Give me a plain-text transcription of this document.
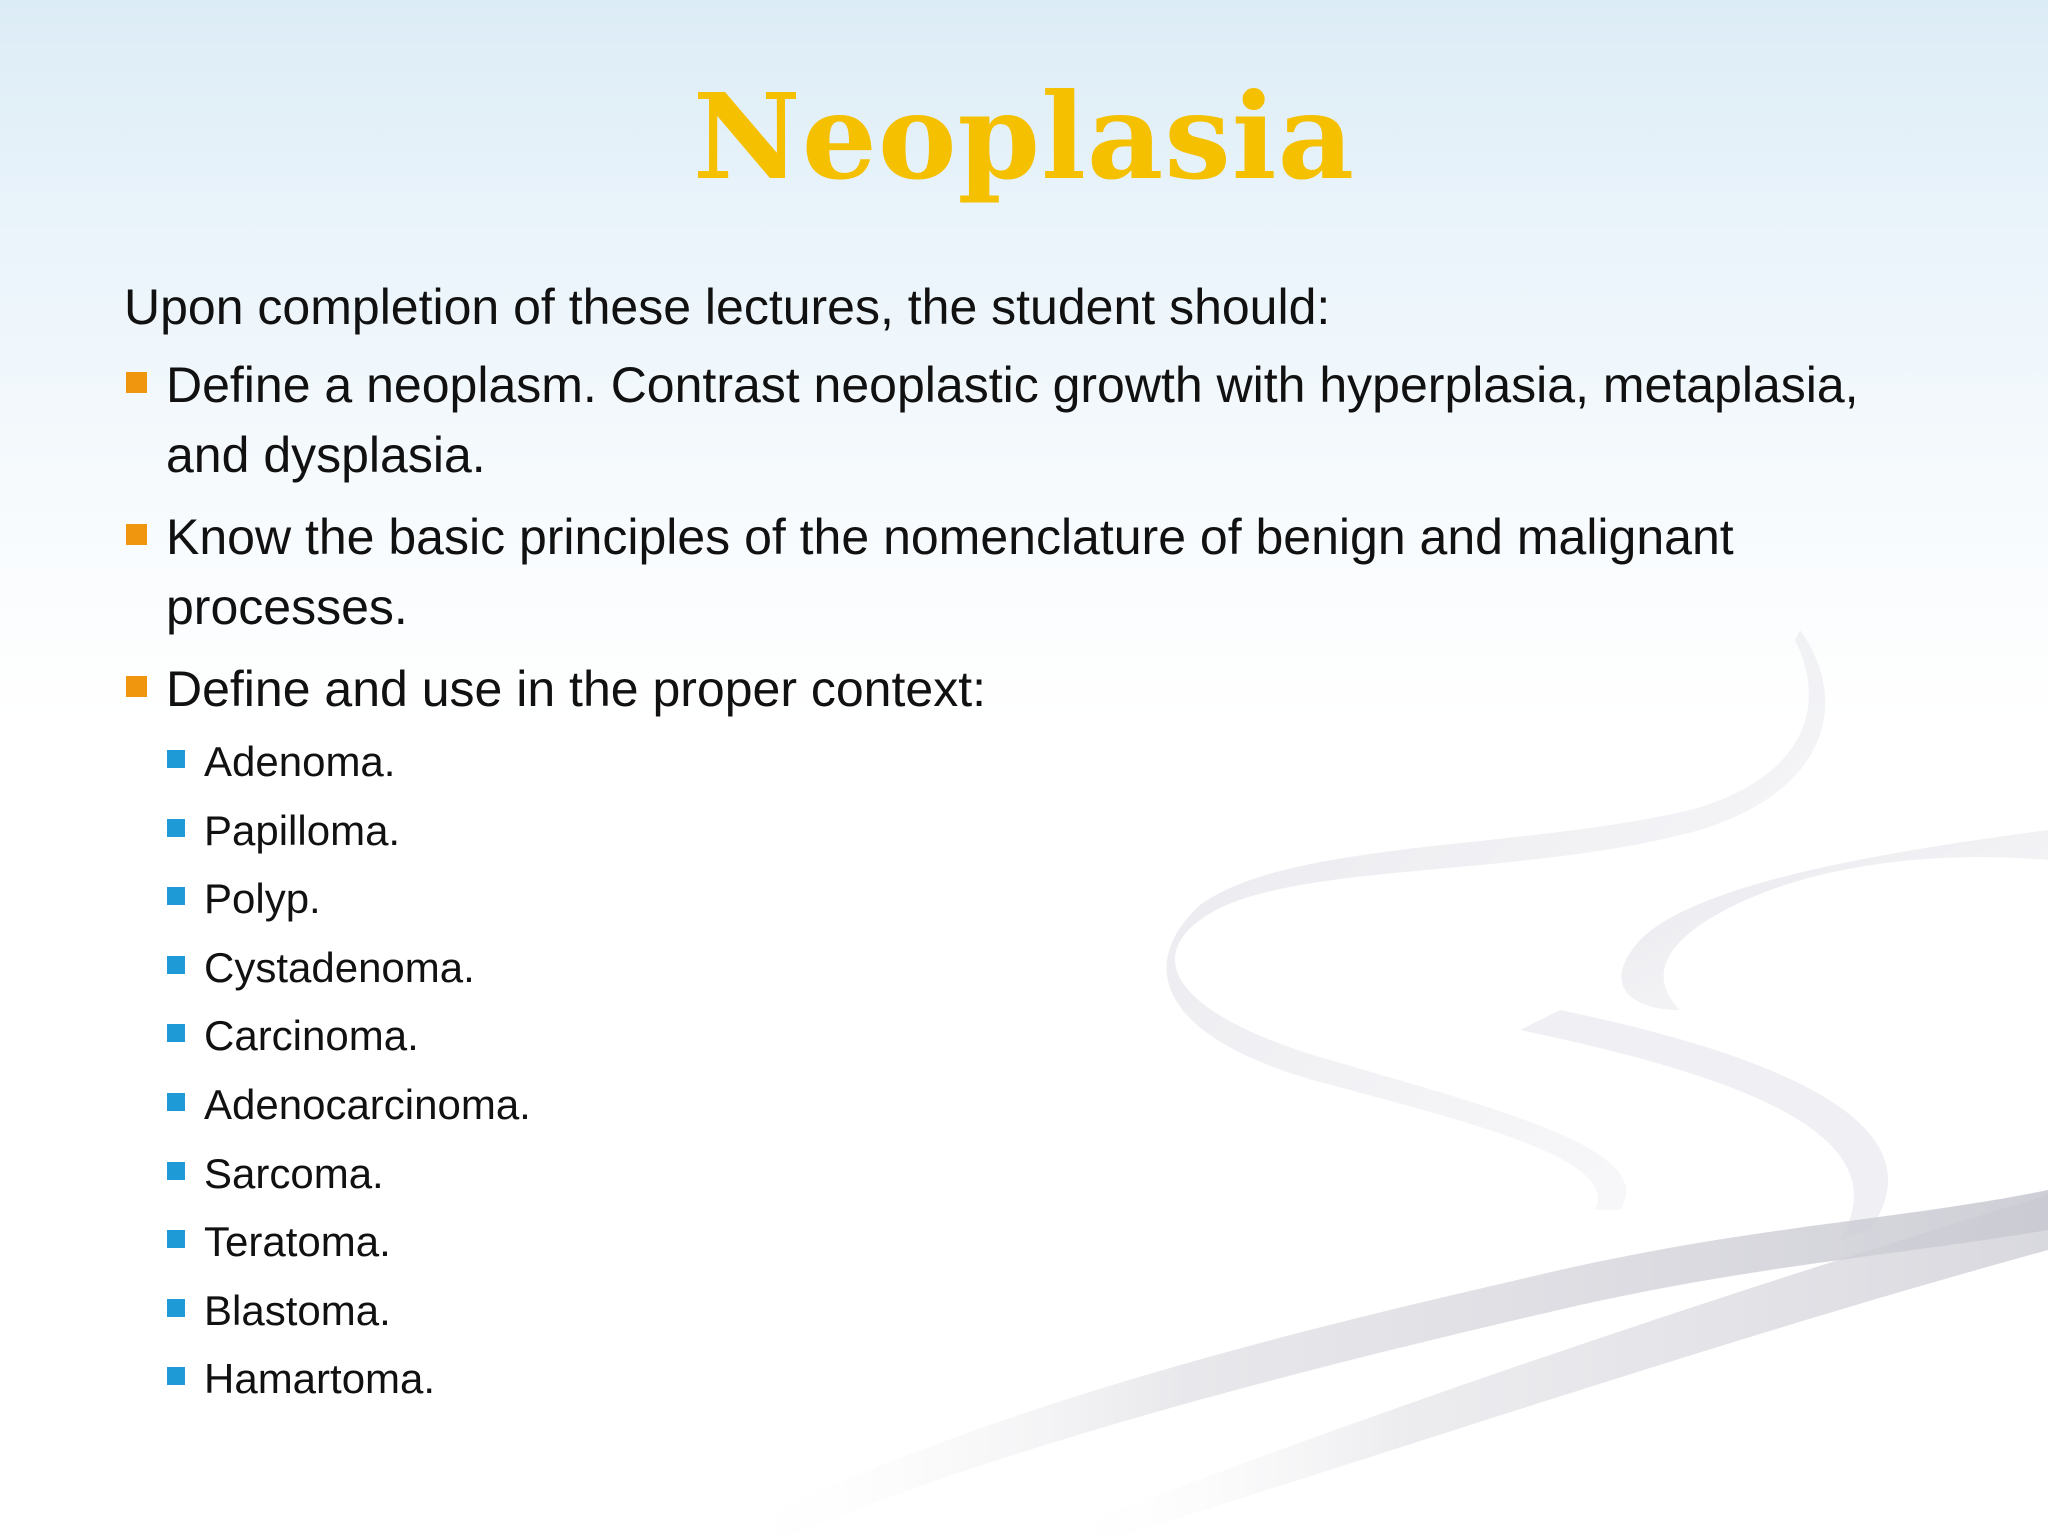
Neoplasia

Upon completion of these lectures, the student should:

Define a neoplasm. Contrast neoplastic growth with hyperplasia, metaplasia, and dysplasia.
Know the basic principles of the nomenclature of benign and malignant processes.
Define and use in the proper context:
Adenoma.
Papilloma.
Polyp.
Cystadenoma.
Carcinoma.
Adenocarcinoma.
Sarcoma.
Teratoma.
Blastoma.
Hamartoma.
